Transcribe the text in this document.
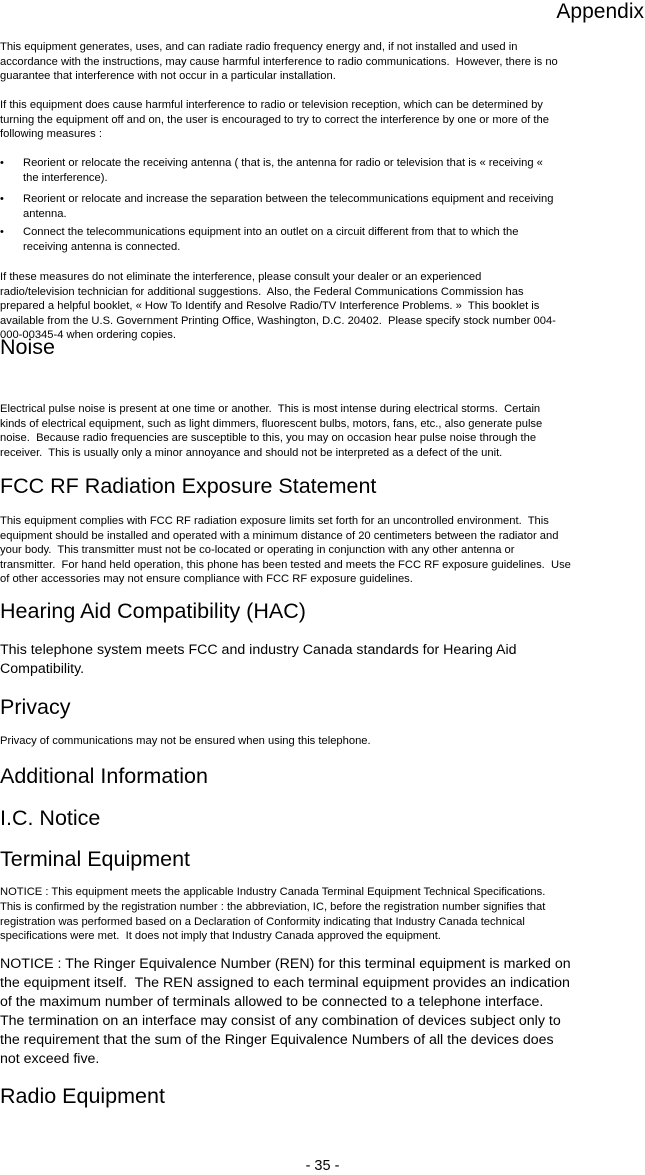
Appendix
This equipment generates, uses, and can radiate radio frequency energy and, if not installed and used in
accordance with the instructions, may cause harmful interference to radio communications.  However, there is no
guarantee that interference with not occur in a particular installation.
If this equipment does cause harmful interference to radio or television reception, which can be determined by
turning the equipment off and on, the user is encouraged to try to correct the interference by one or more of the
following measures :
• Reorient or relocate the receiving antenna ( that is, the antenna for radio or television that is « receiving «
the interference).
• Reorient or relocate and increase the separation between the telecommunications equipment and receiving
antenna.
• Connect the telecommunications equipment into an outlet on a circuit different from that to which the
receiving antenna is connected.
If these measures do not eliminate the interference, please consult your dealer or an experienced
radio/television technician for additional suggestions.  Also, the Federal Communications Commission has
prepared a helpful booklet, « How To Identify and Resolve Radio/TV Interference Problems. »  This booklet is
available from the U.S. Government Printing Office, Washington, D.C. 20402.  Please specify stock number 004-
000-00345-4 when ordering copies.
Noise
Electrical pulse noise is present at one time or another.  This is most intense during electrical storms.  Certain
kinds of electrical equipment, such as light dimmers, fluorescent bulbs, motors, fans, etc., also generate pulse
noise.  Because radio frequencies are susceptible to this, you may on occasion hear pulse noise through the
receiver.  This is usually only a minor annoyance and should not be interpreted as a defect of the unit.
FCC RF Radiation Exposure Statement
This equipment complies with FCC RF radiation exposure limits set forth for an uncontrolled environment.  This
equipment should be installed and operated with a minimum distance of 20 centimeters between the radiator and
your body.  This transmitter must not be co-located or operating in conjunction with any other antenna or
transmitter.  For hand held operation, this phone has been tested and meets the FCC RF exposure guidelines.  Use
of other accessories may not ensure compliance with FCC RF exposure guidelines.
Hearing Aid Compatibility (HAC)
This telephone system meets FCC and industry Canada standards for Hearing Aid
Compatibility.
Privacy
Privacy of communications may not be ensured when using this telephone.
Additional Information
I.C. Notice
Terminal Equipment
NOTICE : This equipment meets the applicable Industry Canada Terminal Equipment Technical Specifications.
This is confirmed by the registration number : the abbreviation, IC, before the registration number signifies that
registration was performed based on a Declaration of Conformity indicating that Industry Canada technical
specifications were met.  It does not imply that Industry Canada approved the equipment.
NOTICE : The Ringer Equivalence Number (REN) for this terminal equipment is marked on
the equipment itself.  The REN assigned to each terminal equipment provides an indication
of the maximum number of terminals allowed to be connected to a telephone interface.
The termination on an interface may consist of any combination of devices subject only to
the requirement that the sum of the Ringer Equivalence Numbers of all the devices does
not exceed five.
Radio Equipment
- 35 -
